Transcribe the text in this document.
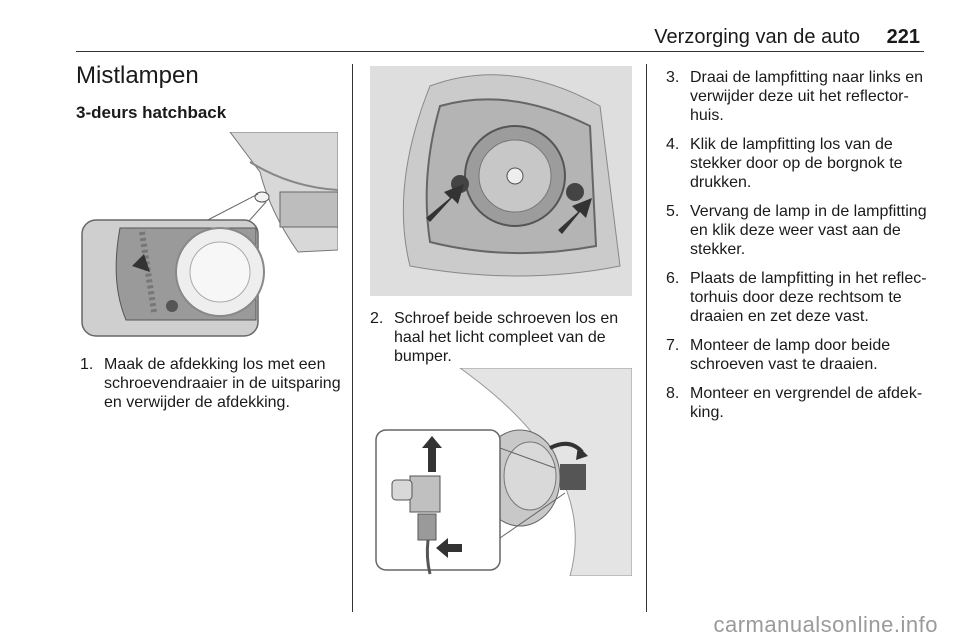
Verzorging van de auto 221
Mistlampen
3-deurs hatchback
1. Maak de afdekking los met een schroevendraaier in de uitsparing en verwijder de afdekking.
2. Schroef beide schroeven los en haal het licht compleet van de bumper.
3. Draai de lampfitting naar links en verwijder deze uit het reflectorhuis.
4. Klik de lampfitting los van de stekker door op de borgnok te drukken.
5. Vervang de lamp in de lampfitting en klik deze weer vast aan de stekker.
6. Plaats de lampfitting in het reflectorhuis door deze rechtsom te draaien en zet deze vast.
7. Monteer de lamp door beide schroeven vast te draaien.
8. Monteer en vergrendel de afdekking.
carmanualsonline.info
